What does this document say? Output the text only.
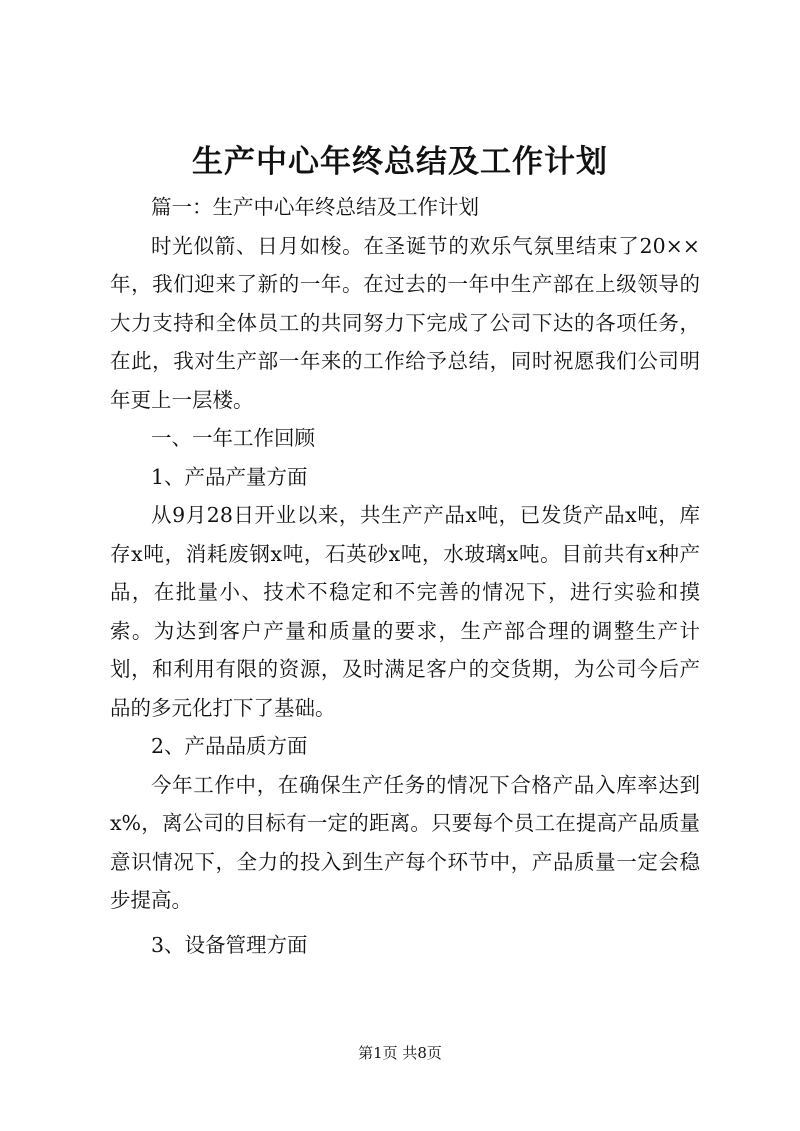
生产中心年终总结及工作计划

篇一：生产中心年终总结及工作计划

时光似箭、日月如梭。在圣诞节的欢乐气氛里结束了20××年，我们迎来了新的一年。在过去的一年中生产部在上级领导的大力支持和全体员工的共同努力下完成了公司下达的各项任务，在此，我对生产部一年来的工作给予总结，同时祝愿我们公司明年更上一层楼。

一、一年工作回顾

1、产品产量方面

从9月28日开业以来，共生产产品x吨，已发货产品x吨，库存x吨，消耗废钢x吨，石英砂x吨，水玻璃x吨。目前共有x种产品，在批量小、技术不稳定和不完善的情况下，进行实验和摸索。为达到客户产量和质量的要求，生产部合理的调整生产计划，和利用有限的资源，及时满足客户的交货期，为公司今后产品的多元化打下了基础。

2、产品品质方面

今年工作中，在确保生产任务的情况下合格产品入库率达到x%，离公司的目标有一定的距离。只要每个员工在提高产品质量意识情况下，全力的投入到生产每个环节中，产品质量一定会稳步提高。

3、设备管理方面

第1页 共8页
